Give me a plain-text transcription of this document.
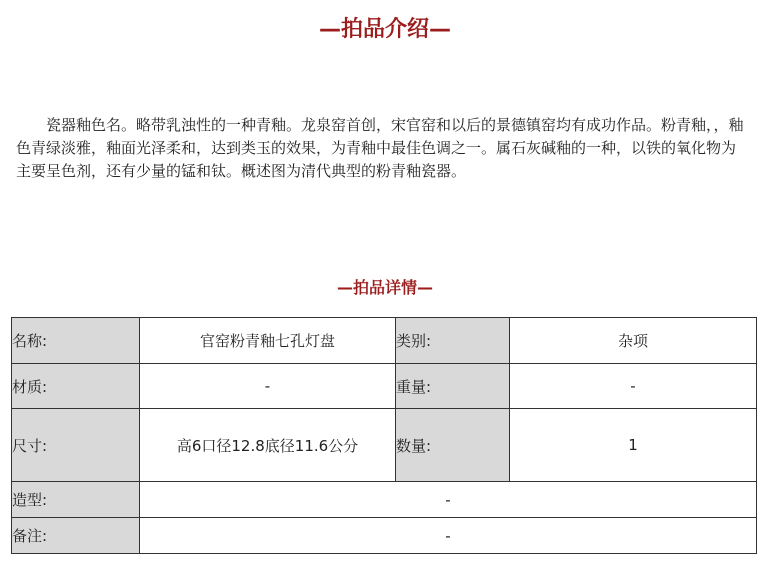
—拍品介绍—

瓷器釉色名。略带乳浊性的一种青釉。龙泉窑首创，宋官窑和以后的景德镇窑均有成功作品。粉青釉，，釉色青绿淡雅，釉面光泽柔和，达到类玉的效果，为青釉中最佳色调之一。属石灰碱釉的一种，以铁的氧化物为主要呈色剂，还有少量的锰和钛。概述图为清代典型的粉青釉瓷器。

—拍品详情—
名称:	官窑粉青釉七孔灯盘	类别:	杂项
材质:	-	重量:	-
尺寸:	高6口径12.8底径11.6公分	数量:	1
造型:	-		
备注:	-		
